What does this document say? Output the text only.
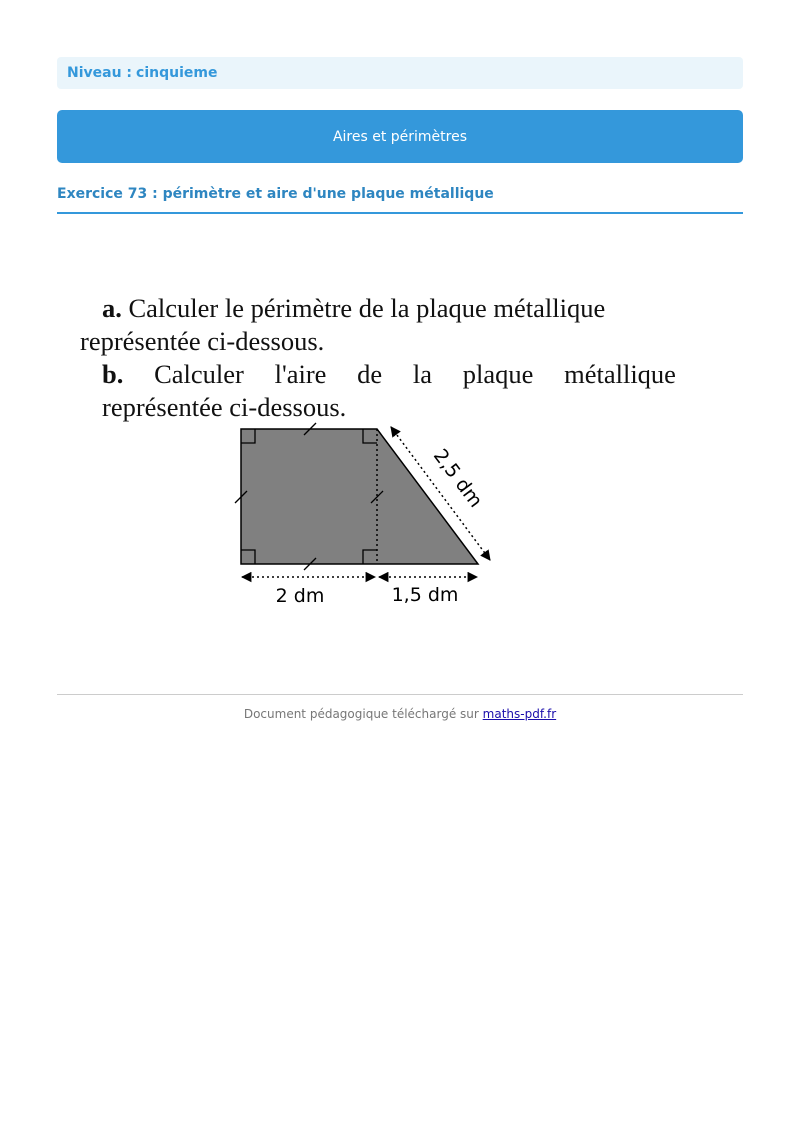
Niveau : cinquieme
Aires et périmètres
Exercice 73 : périmètre et aire d'une plaque métallique
a. Calculer le périmètre de la plaque métallique
représentée ci-dessous.
b. Calculer l'aire de la plaque métallique
représentée ci-dessous.
2 dm	1,5 dm
2,5 dm
Document pédagogique téléchargé sur maths-pdf.fr
